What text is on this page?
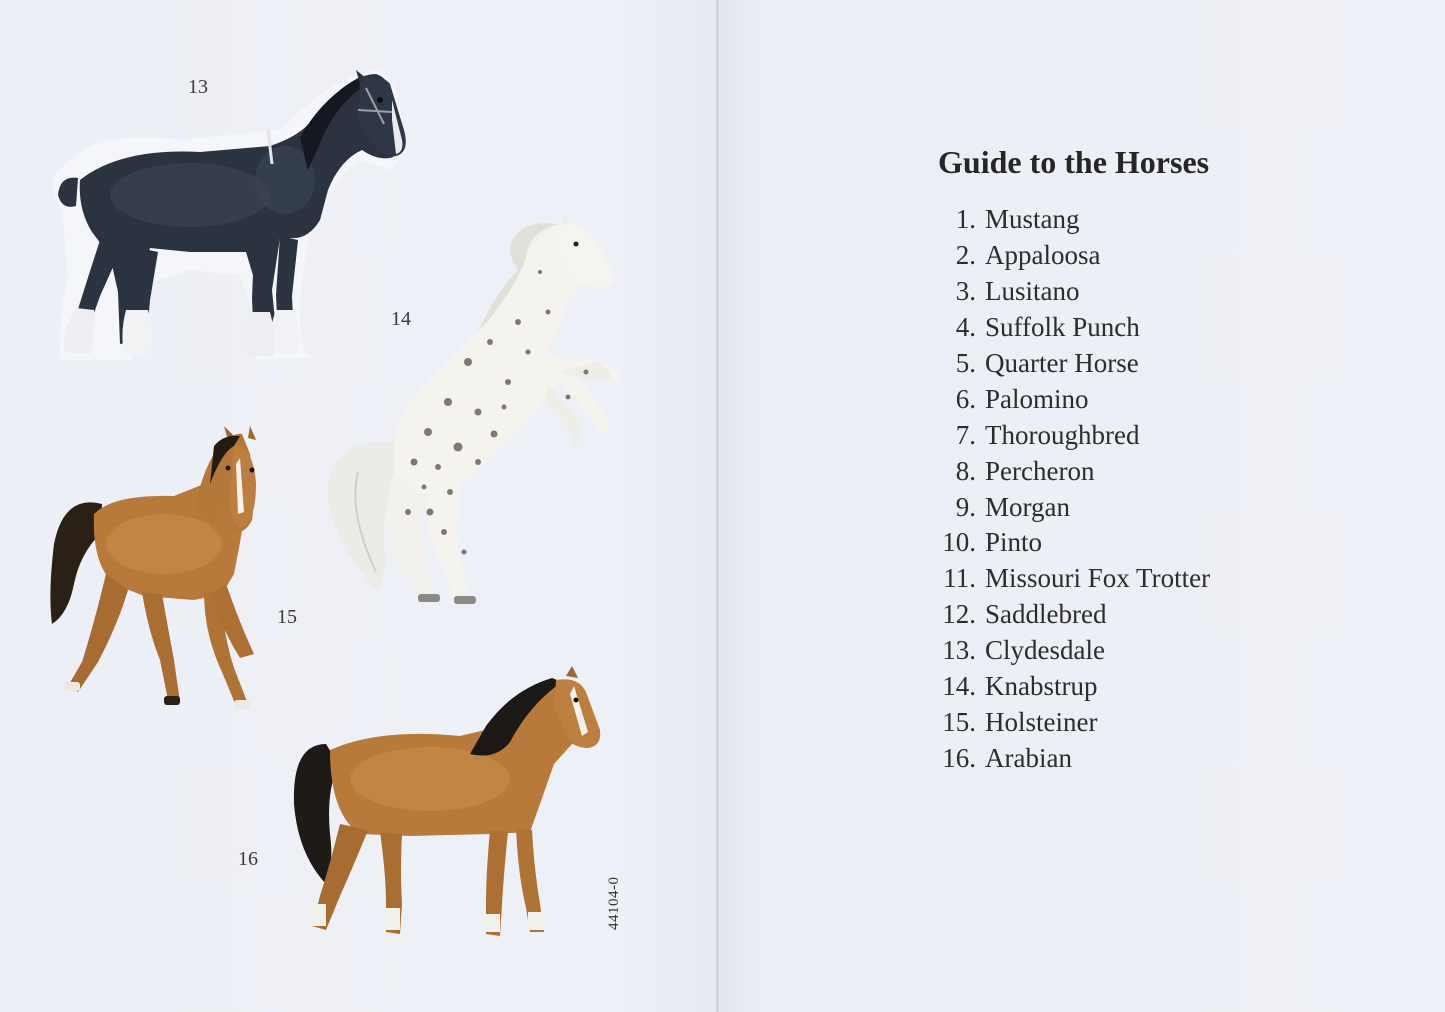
13
14
15
16
44104-0
Guide to the Horses
1. Mustang
2. Appaloosa
3. Lusitano
4. Suffolk Punch
5. Quarter Horse
6. Palomino
7. Thoroughbred
8. Percheron
9. Morgan
10. Pinto
11. Missouri Fox Trotter
12. Saddlebred
13. Clydesdale
14. Knabstrup
15. Holsteiner
16. Arabian
